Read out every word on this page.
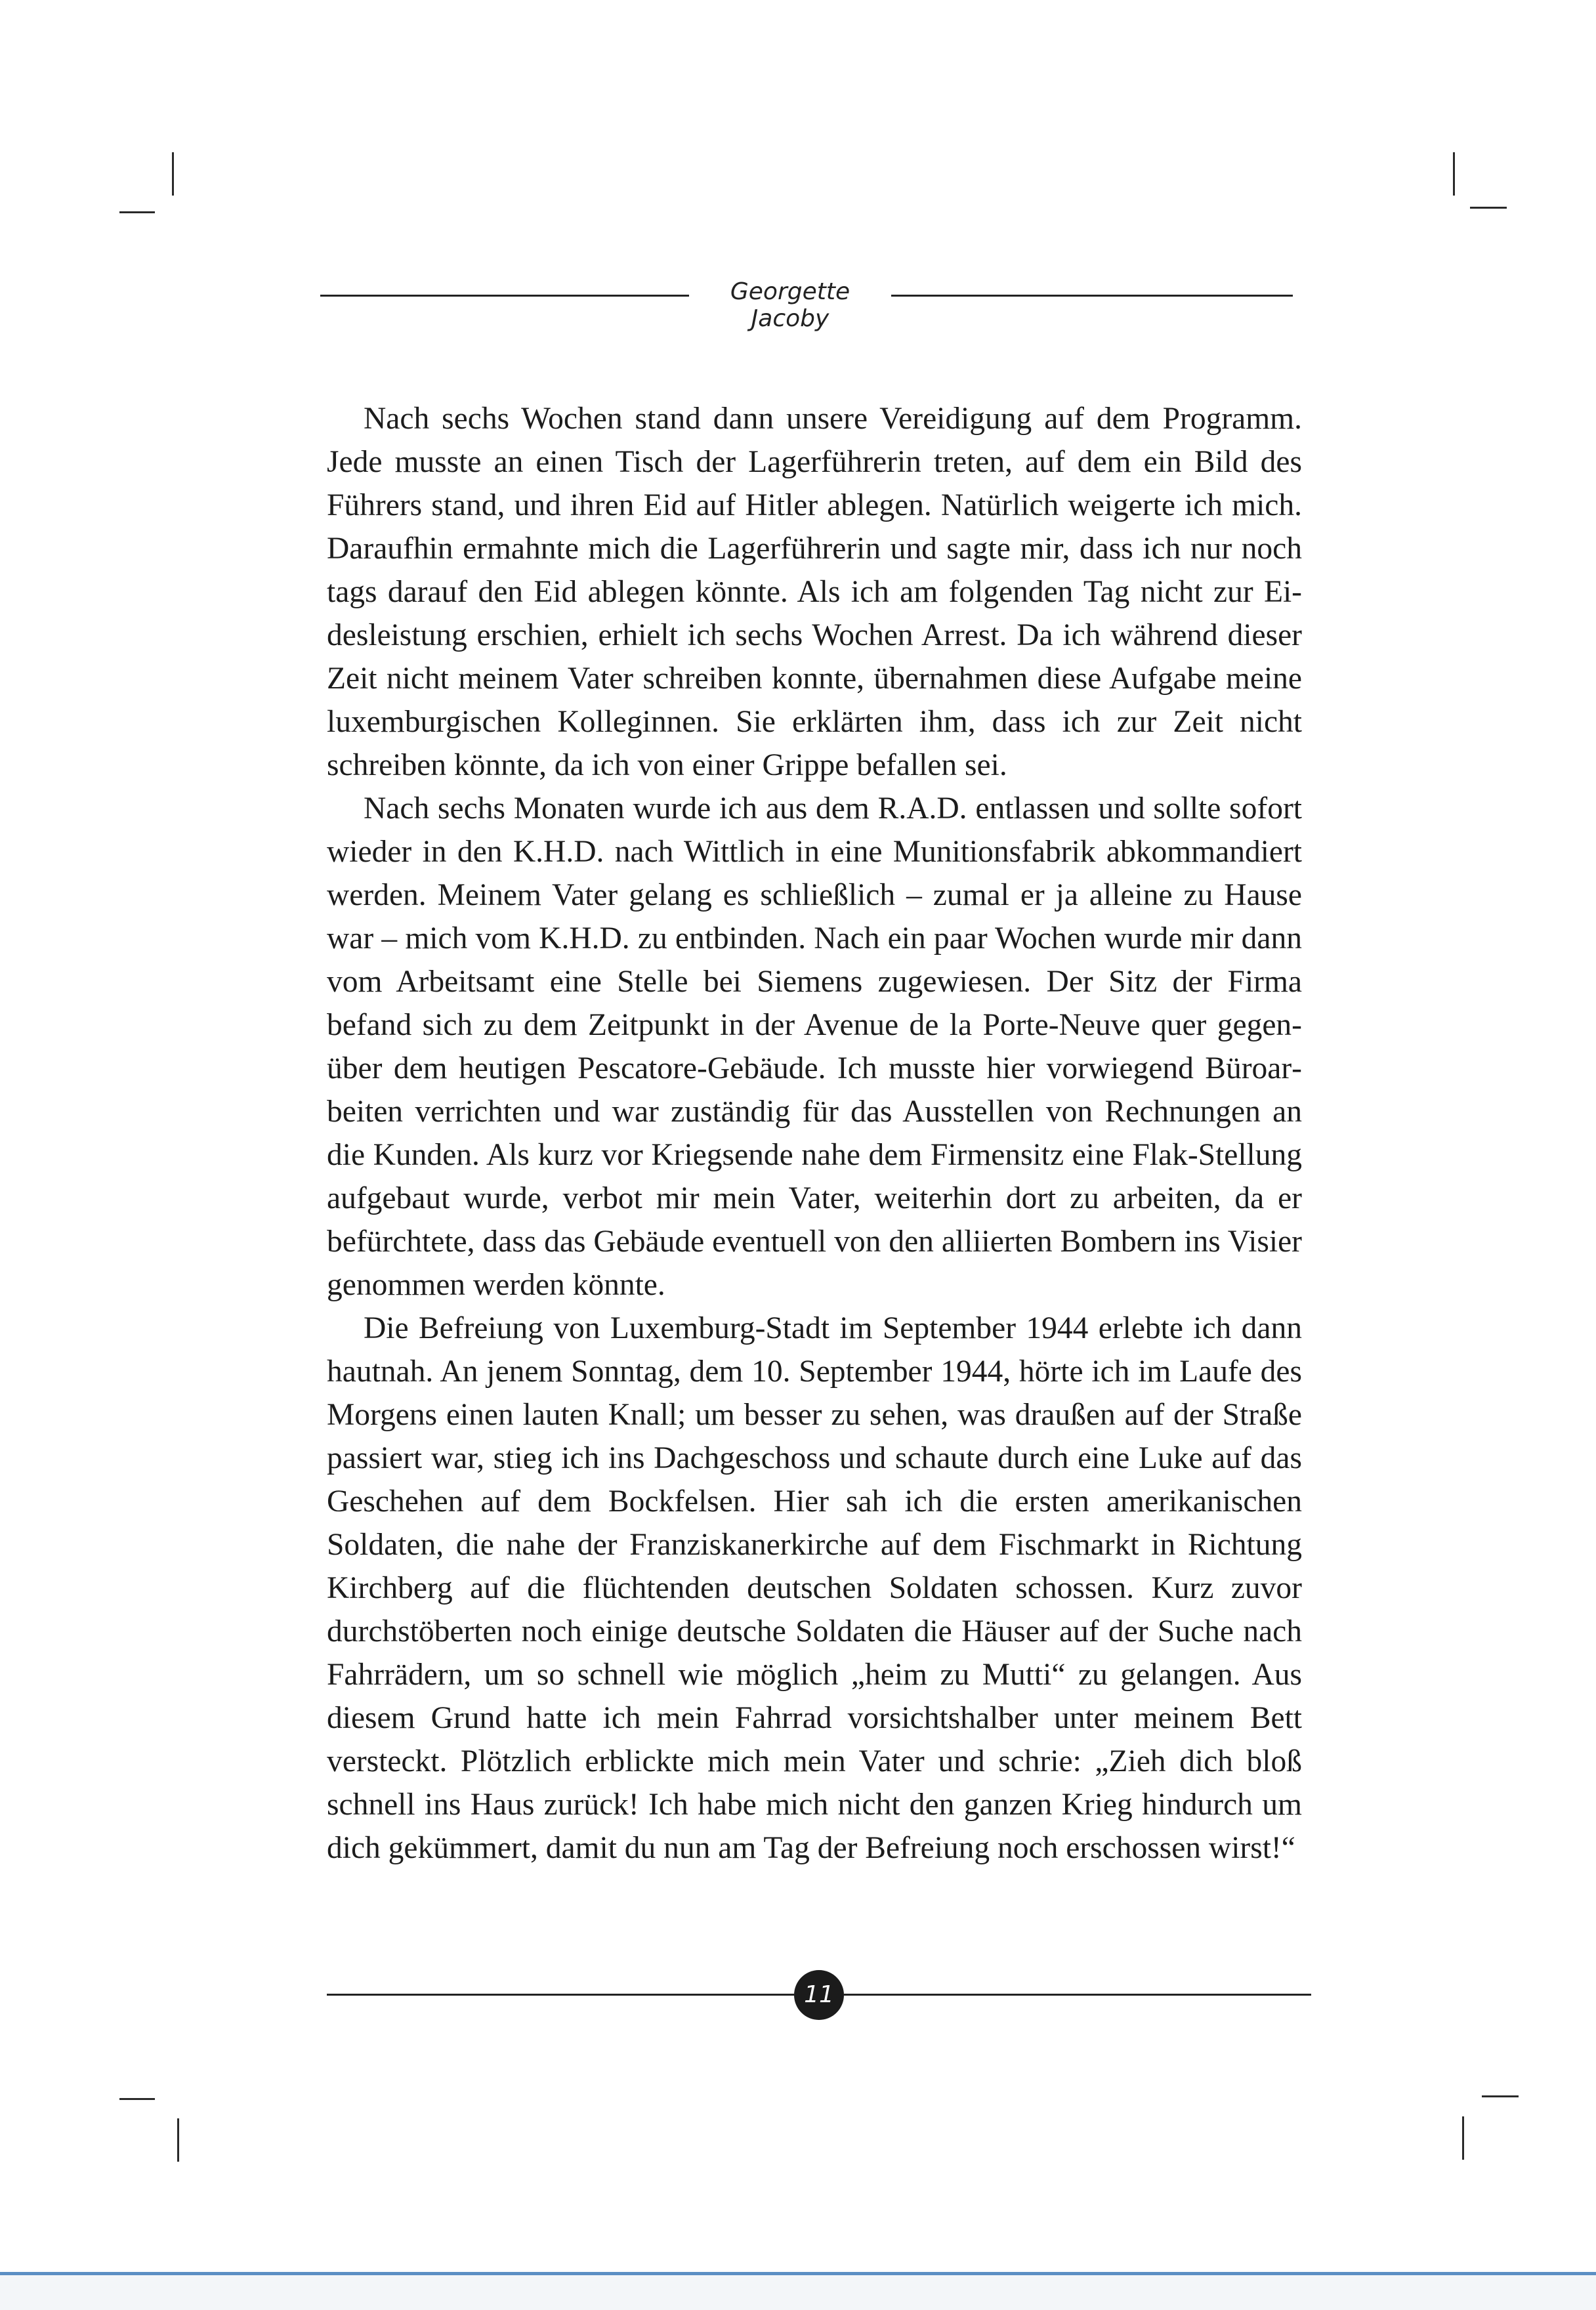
Georgette Jacoby

Nach sechs Wochen stand dann unsere Vereidigung auf dem Programm. Jede musste an einen Tisch der Lagerführerin treten, auf dem ein Bild des Führers stand, und ihren Eid auf Hitler ablegen. Natürlich weigerte ich mich. Daraufhin ermahnte mich die Lagerführerin und sagte mir, dass ich nur noch tags darauf den Eid ablegen könnte. Als ich am folgenden Tag nicht zur Eidesleistung erschien, erhielt ich sechs Wochen Arrest. Da ich während dieser Zeit nicht meinem Vater schreiben konnte, übernahmen diese Aufgabe meine luxemburgischen Kolleginnen. Sie erklärten ihm, dass ich zur Zeit nicht schreiben könnte, da ich von einer Grippe befallen sei.

Nach sechs Monaten wurde ich aus dem R.A.D. entlassen und sollte sofort wieder in den K.H.D. nach Wittlich in eine Munitionsfabrik abkommandiert werden. Meinem Vater gelang es schließlich – zumal er ja alleine zu Hause war – mich vom K.H.D. zu entbinden. Nach ein paar Wochen wurde mir dann vom Arbeitsamt eine Stelle bei Siemens zugewiesen. Der Sitz der Firma befand sich zu dem Zeitpunkt in der Avenue de la Porte-Neuve quer gegenüber dem heutigen Pescatore-Gebäude. Ich musste hier vorwiegend Büroarbeiten verrichten und war zuständig für das Ausstellen von Rechnungen an die Kunden. Als kurz vor Kriegsende nahe dem Firmensitz eine Flak-Stellung aufgebaut wurde, verbot mir mein Vater, weiterhin dort zu arbeiten, da er befürchtete, dass das Gebäude eventuell von den alliierten Bombern ins Visier genommen werden könnte.

Die Befreiung von Luxemburg-Stadt im September 1944 erlebte ich dann hautnah. An jenem Sonntag, dem 10. September 1944, hörte ich im Laufe des Morgens einen lauten Knall; um besser zu sehen, was draußen auf der Straße passiert war, stieg ich ins Dachgeschoss und schaute durch eine Luke auf das Geschehen auf dem Bockfelsen. Hier sah ich die ersten amerikanischen Soldaten, die nahe der Franziskanerkirche auf dem Fischmarkt in Richtung Kirchberg auf die flüchtenden deutschen Soldaten schossen. Kurz zuvor durchstöberten noch einige deutsche Soldaten die Häuser auf der Suche nach Fahrrädern, um so schnell wie möglich „heim zu Mutti“ zu gelangen. Aus diesem Grund hatte ich mein Fahrrad vorsichtshalber unter meinem Bett versteckt. Plötzlich erblickte mich mein Vater und schrie: „Zieh dich bloß schnell ins Haus zurück! Ich habe mich nicht den ganzen Krieg hindurch um dich gekümmert, damit du nun am Tag der Befreiung noch erschossen wirst!“

11
